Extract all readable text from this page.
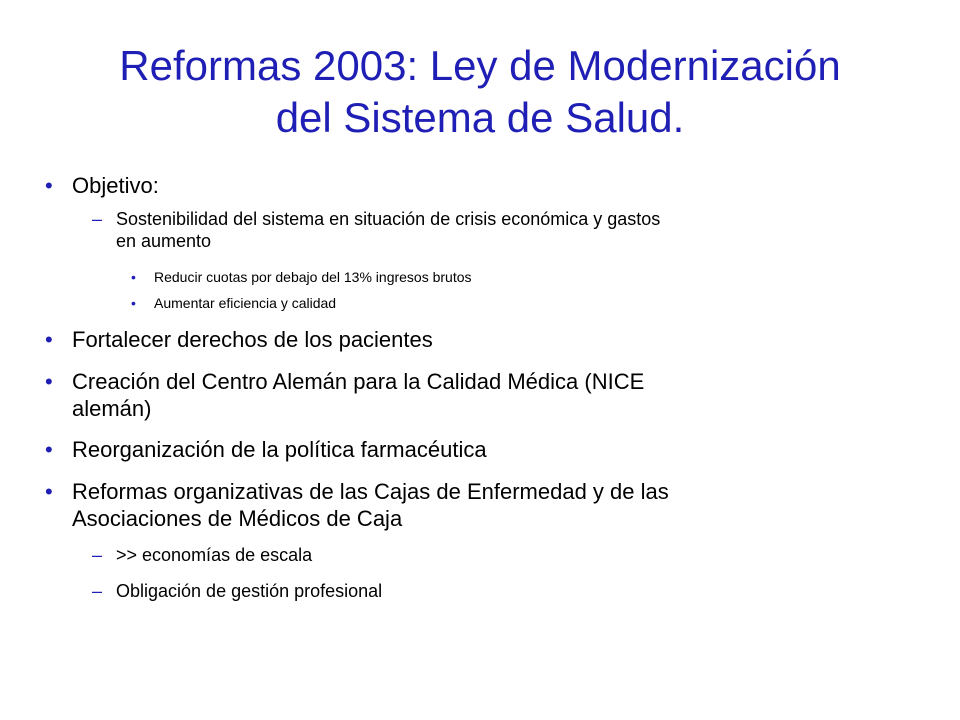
Reformas 2003: Ley de Modernización
del Sistema de Salud.
• Objetivo:
– Sostenibilidad del sistema en situación de crisis económica y gastos
en aumento
• Reducir cuotas por debajo del 13% ingresos brutos
• Aumentar eficiencia y calidad
• Fortalecer derechos de los pacientes
• Creación del Centro Alemán para la Calidad Médica (NICE
alemán)
• Reorganización de la política farmacéutica
• Reformas organizativas de las Cajas de Enfermedad y de las
Asociaciones de Médicos de Caja
– >> economías de escala
– Obligación de gestión profesional
